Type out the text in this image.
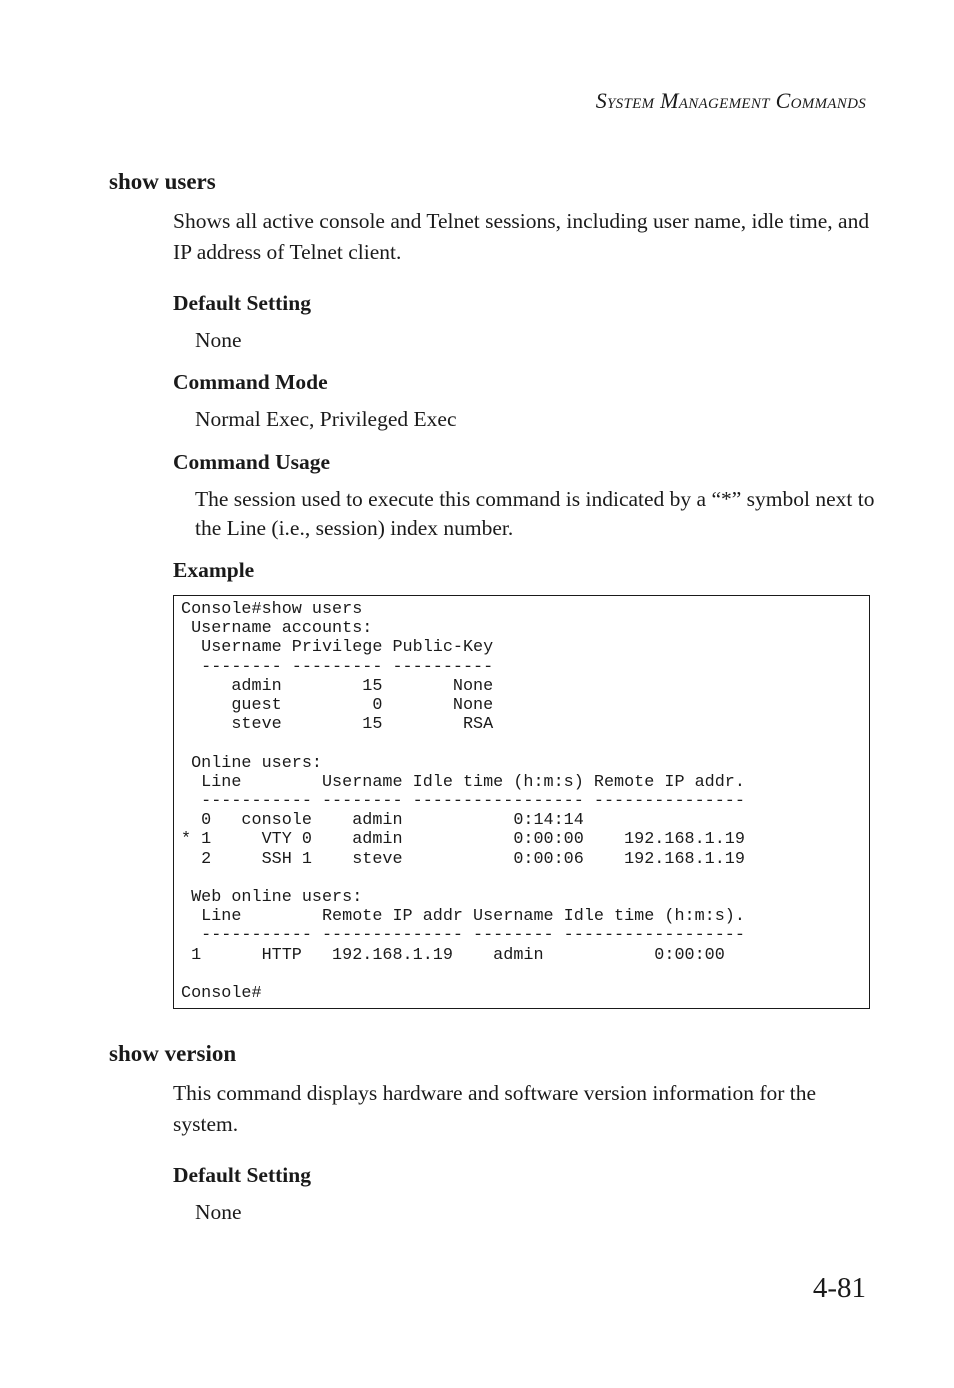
System Management Commands
show users

Shows all active console and Telnet sessions, including user name, idle time, and IP address of Telnet client.

Default Setting

None

Command Mode

Normal Exec, Privileged Exec

Command Usage

The session used to execute this command is indicated by a “*” symbol next to the Line (i.e., session) index number.

Example
Console#show users
Username accounts:
Username Privilege Public-Key
-------- --------- ----------
admin        15       None
guest         0       None
steve        15        RSA

Online users:
Line        Username Idle time (h:m:s) Remote IP addr.
----------- -------- ----------------- ---------------
0   console    admin           0:14:14
* 1     VTY 0    admin           0:00:00    192.168.1.19
2     SSH 1    steve           0:00:06    192.168.1.19

Web online users:
Line        Remote IP addr Username Idle time (h:m:s).
----------- -------------- -------- ------------------
1      HTTP   192.168.1.19    admin           0:00:00

Console#
show version

This command displays hardware and software version information for the system.

Default Setting

None

4-81
